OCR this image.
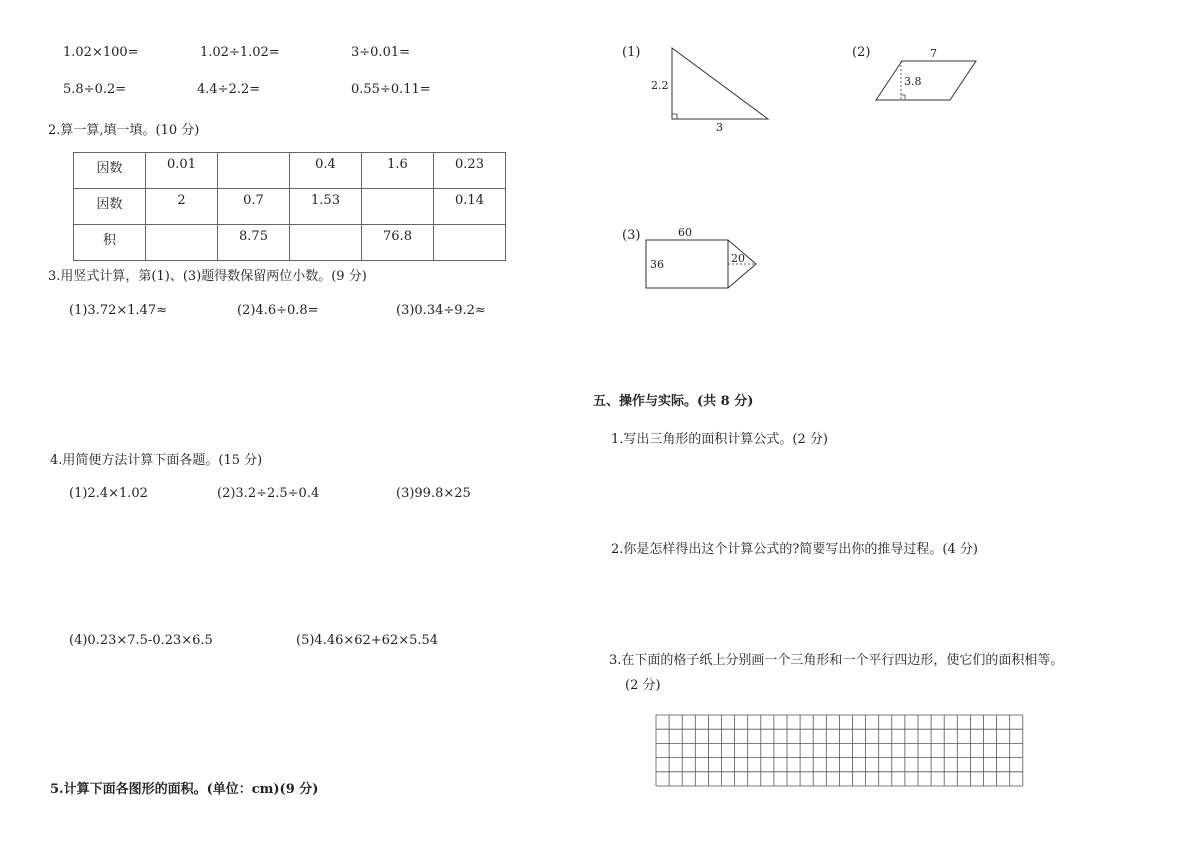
1.02×100=	1.02÷1.02=	3÷0.01=
5.8÷0.2=	4.4÷2.2=	0.55÷0.11=
2.算一算,填一填。(10 分)
因数	0.01		0.4	1.6	0.23
因数	2	0.7	1.53		0.14
积		8.75		76.8	
3.用竖式计算，第(1)、(3)题得数保留两位小数。(9 分)
(1)3.72×1.47≈	(2)4.6÷0.8=	(3)0.34÷9.2≈
4.用简便方法计算下面各题。(15 分)
(1)2.4×1.02	(2)3.2÷2.5÷0.4	(3)99.8×25
(4)0.23×7.5-0.23×6.5	(5)4.46×62+62×5.54
5.计算下面各图形的面积。(单位：cm)(9 分)
(1)	(2)
(3)
2.2
3
7
3.8
60
36	20
五、操作与实际。(共 8 分)
1.写出三角形的面积计算公式。(2 分)
2.你是怎样得出这个计算公式的?简要写出你的推导过程。(4 分)
3.在下面的格子纸上分别画一个三角形和一个平行四边形，使它们的面积相等。
(2 分)
